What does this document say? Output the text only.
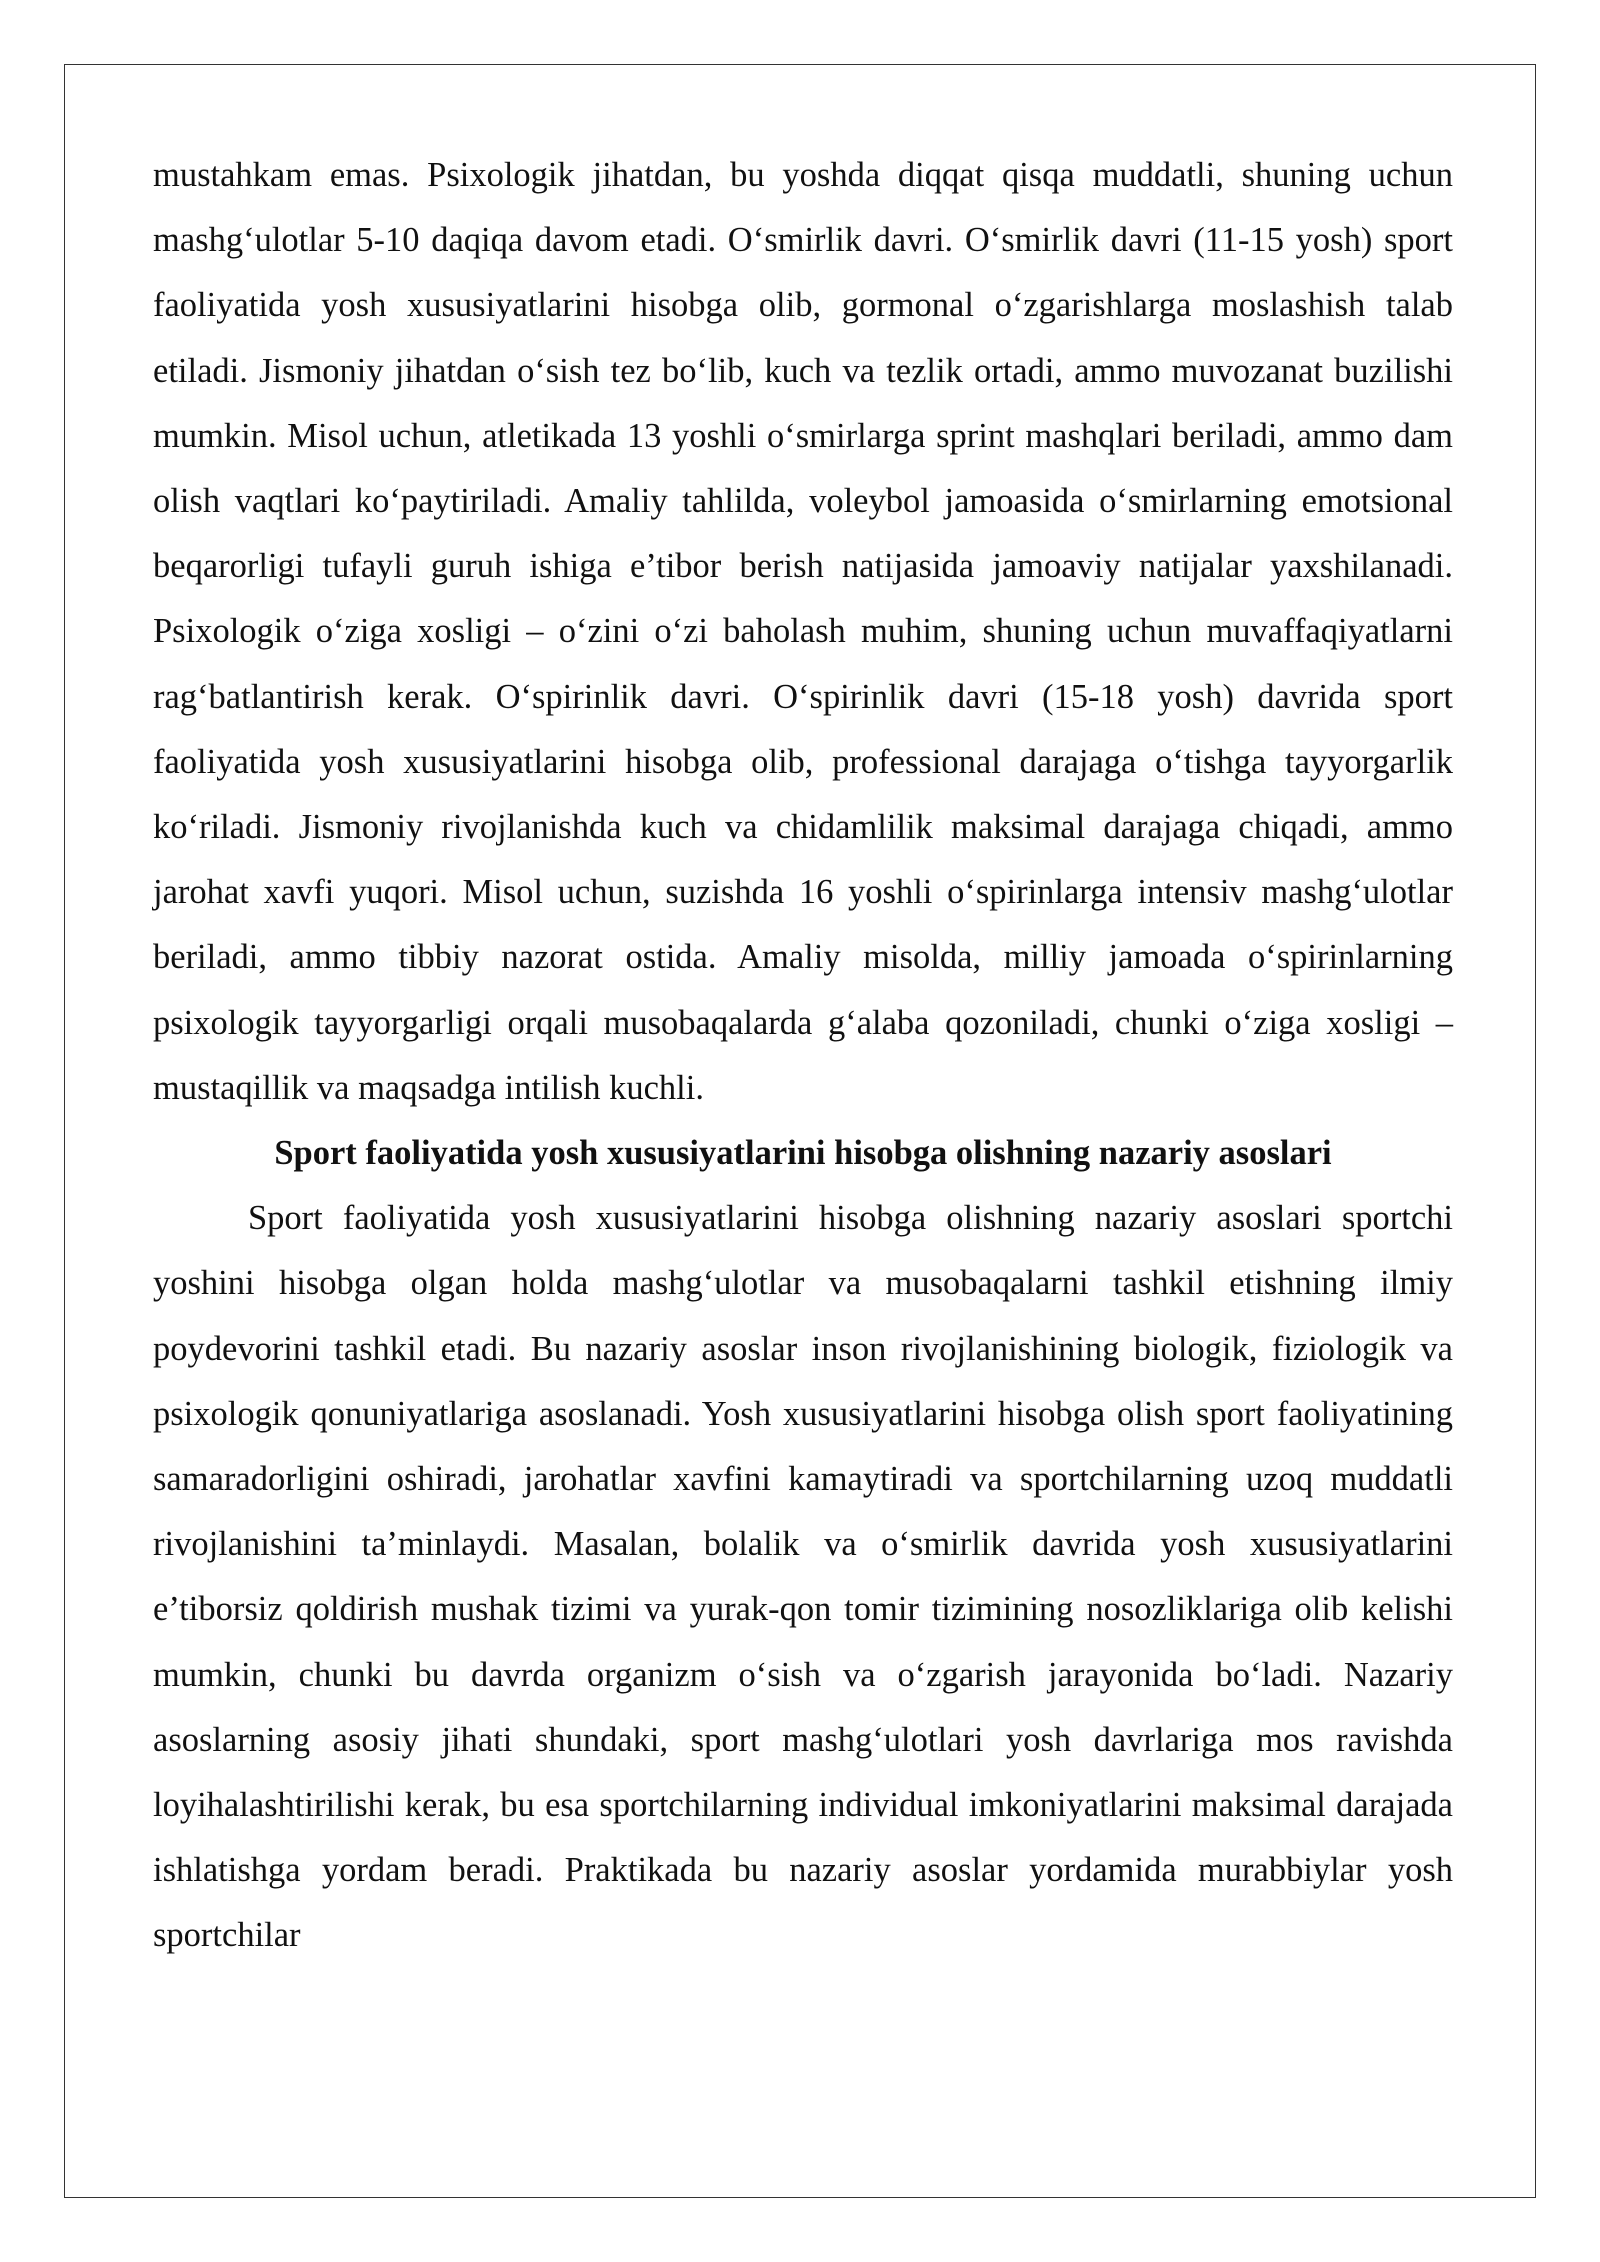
mustahkam emas. Psixologik jihatdan, bu yoshda diqqat qisqa muddatli, shuning uchun mashg‘ulotlar 5-10 daqiqa davom etadi. O‘smirlik davri. O‘smirlik davri (11-15 yosh) sport faoliyatida yosh xususiyatlarini hisobga olib, gormonal o‘zgarishlarga moslashish talab etiladi. Jismoniy jihatdan o‘sish tez bo‘lib, kuch va tezlik ortadi, ammo muvozanat buzilishi mumkin. Misol uchun, atletikada 13 yoshli o‘smirlarga sprint mashqlari beriladi, ammo dam olish vaqtlari ko‘paytiriladi. Amaliy tahlilda, voleybol jamoasida o‘smirlarning emotsional beqarorligi tufayli guruh ishiga e’tibor berish natijasida jamoaviy natijalar yaxshilanadi. Psixologik o‘ziga xosligi – o‘zini o‘zi baholash muhim, shuning uchun muvaffaqiyatlarni rag‘batlantirish kerak. O‘spirinlik davri. O‘spirinlik davri (15-18 yosh) davrida sport faoliyatida yosh xususiyatlarini hisobga olib, professional darajaga o‘tishga tayyorgarlik ko‘riladi. Jismoniy rivojlanishda kuch va chidamlilik maksimal darajaga chiqadi, ammo jarohat xavfi yuqori. Misol uchun, suzishda 16 yoshli o‘spirinlarga intensiv mashg‘ulotlar beriladi, ammo tibbiy nazorat ostida. Amaliy misolda, milliy jamoada o‘spirinlarning psixologik tayyorgarligi orqali musobaqalarda g‘alaba qozoniladi, chunki o‘ziga xosligi – mustaqillik va maqsadga intilish kuchli.

Sport faoliyatida yosh xususiyatlarini hisobga olishning nazariy asoslari

Sport faoliyatida yosh xususiyatlarini hisobga olishning nazariy asoslari sportchi yoshini hisobga olgan holda mashg‘ulotlar va musobaqalarni tashkil etishning ilmiy poydevorini tashkil etadi. Bu nazariy asoslar inson rivojlanishining biologik, fiziologik va psixologik qonuniyatlariga asoslanadi. Yosh xususiyatlarini hisobga olish sport faoliyatining samaradorligini oshiradi, jarohatlar xavfini kamaytiradi va sportchilarning uzoq muddatli rivojlanishini ta’minlaydi. Masalan, bolalik va o‘smirlik davrida yosh xususiyatlarini e’tiborsiz qoldirish mushak tizimi va yurak-qon tomir tizimining nosozliklariga olib kelishi mumkin, chunki bu davrda organizm o‘sish va o‘zgarish jarayonida bo‘ladi. Nazariy asoslarning asosiy jihati shundaki, sport mashg‘ulotlari yosh davrlariga mos ravishda loyihalashtirilishi kerak, bu esa sportchilarning individual imkoniyatlarini maksimal darajada ishlatishga yordam beradi. Praktikada bu nazariy asoslar yordamida murabbiylar yosh sportchilar
